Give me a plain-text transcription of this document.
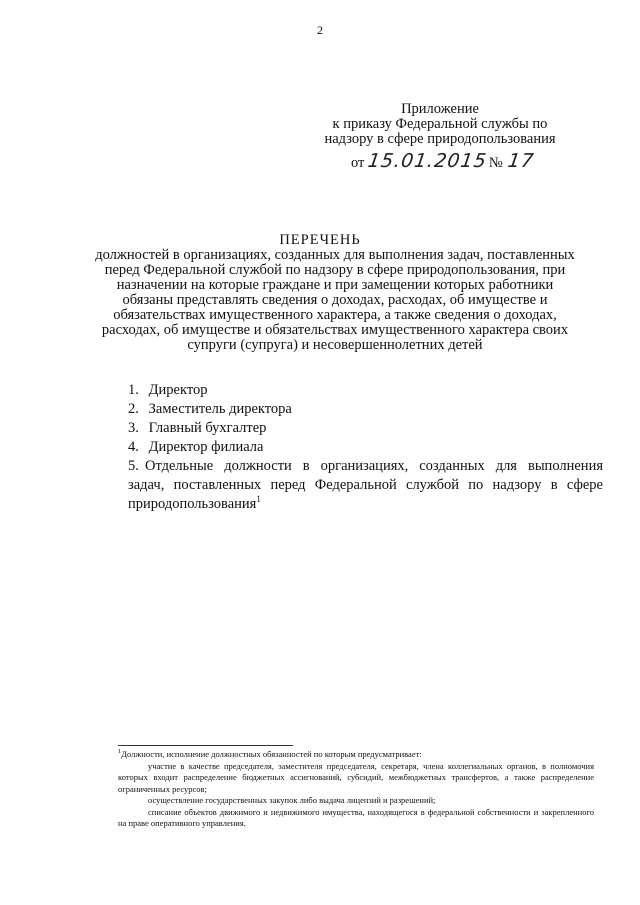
2
Приложение
к приказу Федеральной службы по
надзору в сфере природопользования
от 15.01.2015№ 17
ПЕРЕЧЕНЬ
должностей в организациях, созданных для выполнения задач, поставленных
перед Федеральной службой по надзору в сфере природопользования, при
назначении на которые граждане и при замещении которых работники
обязаны представлять сведения о доходах, расходах, об имуществе и
обязательствах имущественного характера, а также сведения о доходах,
расходах, об имуществе и обязательствах имущественного характера своих
супруги (супруга) и несовершеннолетних детей
1. Директор
2. Заместитель директора
3. Главный бухгалтер
4. Директор филиала
5. Отдельные должности в организациях, созданных для выполнения
задач, поставленных перед Федеральной службой по надзору в сфере
природопользования$^1$

$^1$Должности, исполнение должностных обязанностей по которым предусматривает:

участие в качестве председателя, заместителя председателя, секретаря, члена коллегиальных органов, в полномочия которых входит распределение бюджетных ассигнований, субсидий, межбюджетных трансфертов, а также распределение ограниченных ресурсов;

осуществление государственных закупок либо выдача лицензий и разрешений;

списание объектов движимого и недвижимого имущества, находящегося в федеральной собственности и закрепленного на праве оперативного управления.
